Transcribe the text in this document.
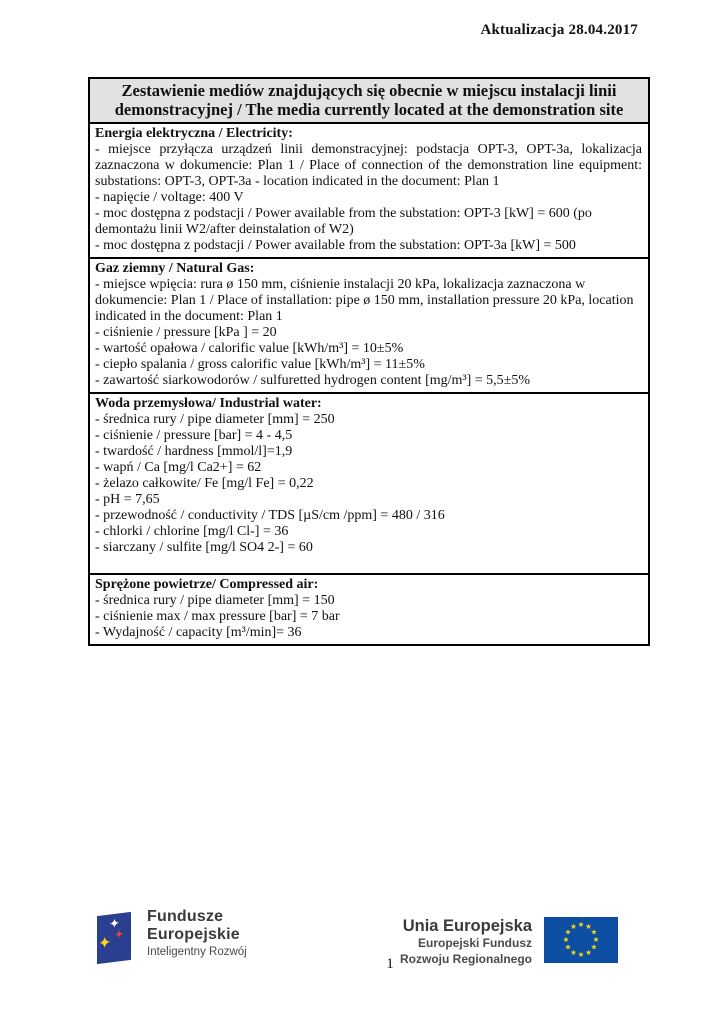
Aktualizacja 28.04.2017
Zestawienie mediów znajdujących się obecnie w miejscu instalacji linii demonstracyjnej / The media currently located at the demonstration site
Energia elektryczna / Electricity:
- miejsce przyłącza urządzeń linii demonstracyjnej: podstacja OPT-3, OPT-3a, lokalizacja zaznaczona w dokumencie: Plan 1 / Place of connection of the demonstration line equipment: substations: OPT-3, OPT-3a - location indicated in the document: Plan 1
- napięcie / voltage: 400 V
- moc dostępna z podstacji / Power available from the substation: OPT-3 [kW] = 600 (po demontażu linii W2/after deinstalation of W2)
- moc dostępna z podstacji / Power available from the substation: OPT-3a [kW] = 500
Gaz ziemny / Natural Gas:
- miejsce wpięcia: rura ø 150 mm, ciśnienie instalacji 20 kPa, lokalizacja zaznaczona w dokumencie: Plan 1 / Place of installation: pipe ø 150 mm, installation pressure 20 kPa, location indicated in the document: Plan 1
- ciśnienie / pressure [kPa ] = 20
- wartość opałowa / calorific value [kWh/m³] = 10±5%
- ciepło spalania / gross calorific value [kWh/m³] = 11±5%
- zawartość siarkowodorów / sulfuretted hydrogen content [mg/m³] = 5,5±5%
Woda przemysłowa/ Industrial water:
- średnica rury / pipe diameter [mm] = 250
- ciśnienie / pressure [bar] = 4 - 4,5
- twardość / hardness [mmol/l]=1,9
- wapń / Ca [mg/l Ca2+] = 62
- żelazo całkowite/ Fe [mg/l Fe] = 0,22
- pH = 7,65
- przewodność / conductivity / TDS [µS/cm /ppm] = 480 / 316
- chlorki / chlorine [mg/l Cl-] = 36
- siarczany / sulfite [mg/l SO4 2-] = 60
Sprężone powietrze/ Compressed air:
- średnica rury / pipe diameter [mm] = 150
- ciśnienie max / max pressure [bar] = 7 bar
- Wydajność / capacity [m³/min]= 36
✦
✦ ✦
Fundusze
Europejskie
Inteligentny Rozwój
Unia Europejska
Europejski Fundusz
Rozwoju Regionalnego
★ ★
★
★
★
★
★
★
★
★
★
★
1
